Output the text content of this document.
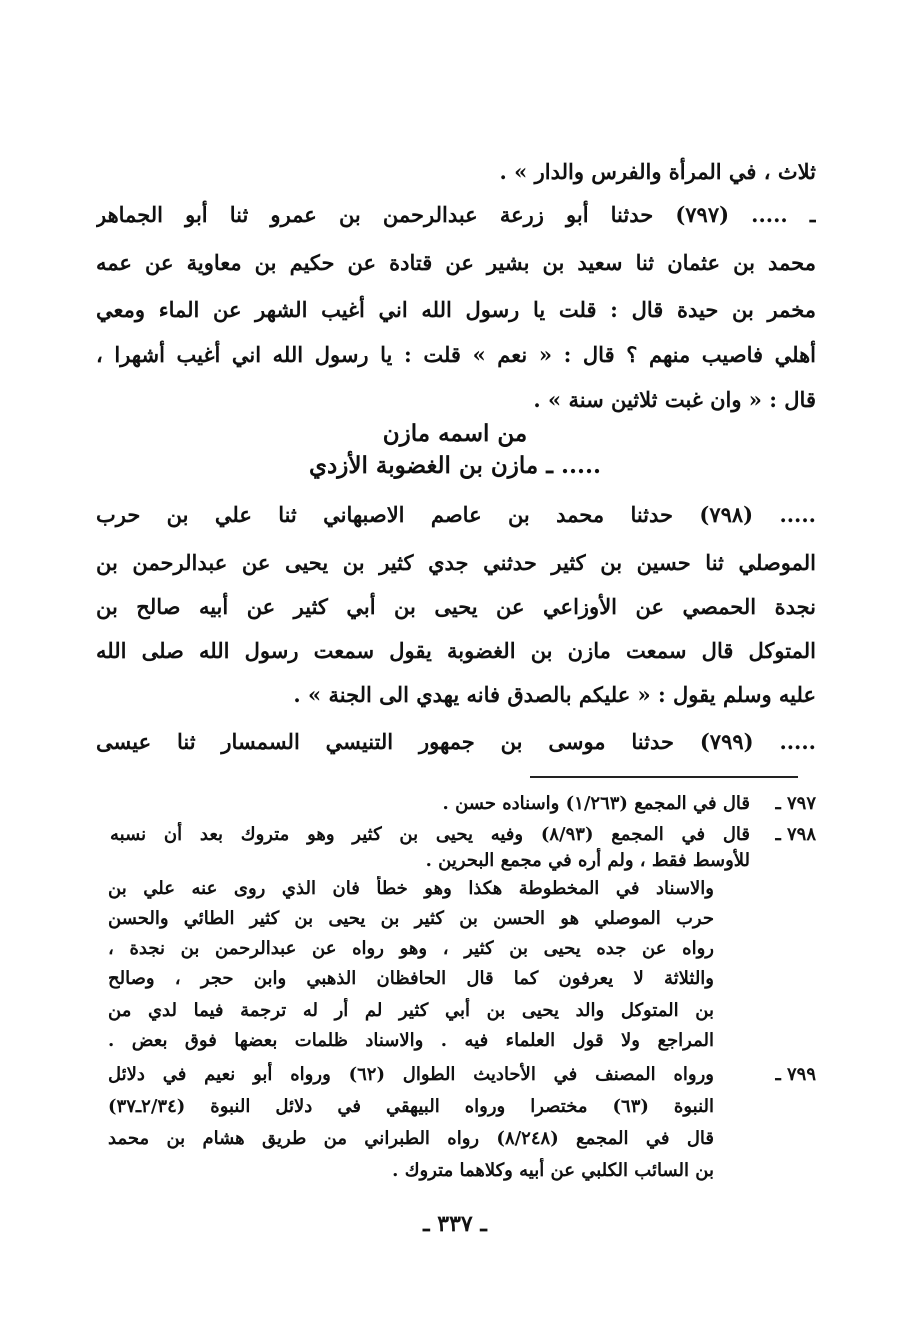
ثلاث ، في المرأة والفرس والدار » .
ـ ..... (٧٩٧) حدثنا أبو زرعة عبدالرحمن بن عمرو ثنا أبو الجماهر
محمد بن عثمان ثنا سعيد بن بشير عن قتادة عن حكيم بن معاوية عن عمه
مخمر بن حيدة قال : قلت يا رسول الله اني أغيب الشهر عن الماء ومعي
أهلي فاصيب منهم ؟ قال : « نعم » قلت : يا رسول الله اني أغيب أشهرا ،
قال : « وان غبت ثلاثين سنة » .
من اسمه مازن
..... ـ مازن بن الغضوبة الأزدي
..... (٧٩٨) حدثنا محمد بن عاصم الاصبهاني ثنا علي بن حرب
الموصلي ثنا حسين بن كثير حدثني جدي كثير بن يحيى عن عبدالرحمن بن
نجدة الحمصي عن الأوزاعي عن يحيى بن أبي كثير عن أبيه صالح بن
المتوكل قال سمعت مازن بن الغضوبة يقول سمعت رسول الله صلى الله
عليه وسلم يقول : « عليكم بالصدق فانه يهدي الى الجنة » .
..... (٧٩٩) حدثنا موسى بن جمهور التنيسي السمسار ثنا عيسى
٧٩٧ ـ
قال في المجمع (١/٢٦٣) واسناده حسن .
٧٩٨ ـ
قال في المجمع (٨/٩٣) وفيه يحيى بن كثير وهو متروك بعد أن نسبه
للأوسط فقط ، ولم أره في مجمع البحرين .
والاسناد في المخطوطة هكذا وهو خطأ فان الذي روى عنه علي بن
حرب الموصلي هو الحسن بن كثير بن يحيى بن كثير الطائي والحسن
رواه عن جده يحيى بن كثير ، وهو رواه عن عبدالرحمن بن نجدة ،
والثلاثة لا يعرفون كما قال الحافظان الذهبي وابن حجر ، وصالح
بن المتوكل والد يحيى بن أبي كثير لم أر له ترجمة فيما لدي من
المراجع ولا قول العلماء فيه . والاسناد ظلمات بعضها فوق بعض .
٧٩٩ ـ
ورواه المصنف في الأحاديث الطوال (٦٢) ورواه أبو نعيم في دلائل
النبوة (٦٣) مختصرا ورواه البيهقي في دلائل النبوة (٢/٣٤ـ٣٧)
قال في المجمع (٨/٢٤٨) رواه الطبراني من طريق هشام بن محمد
بن السائب الكلبي عن أبيه وكلاهما متروك .
ـ ٣٣٧ ـ
